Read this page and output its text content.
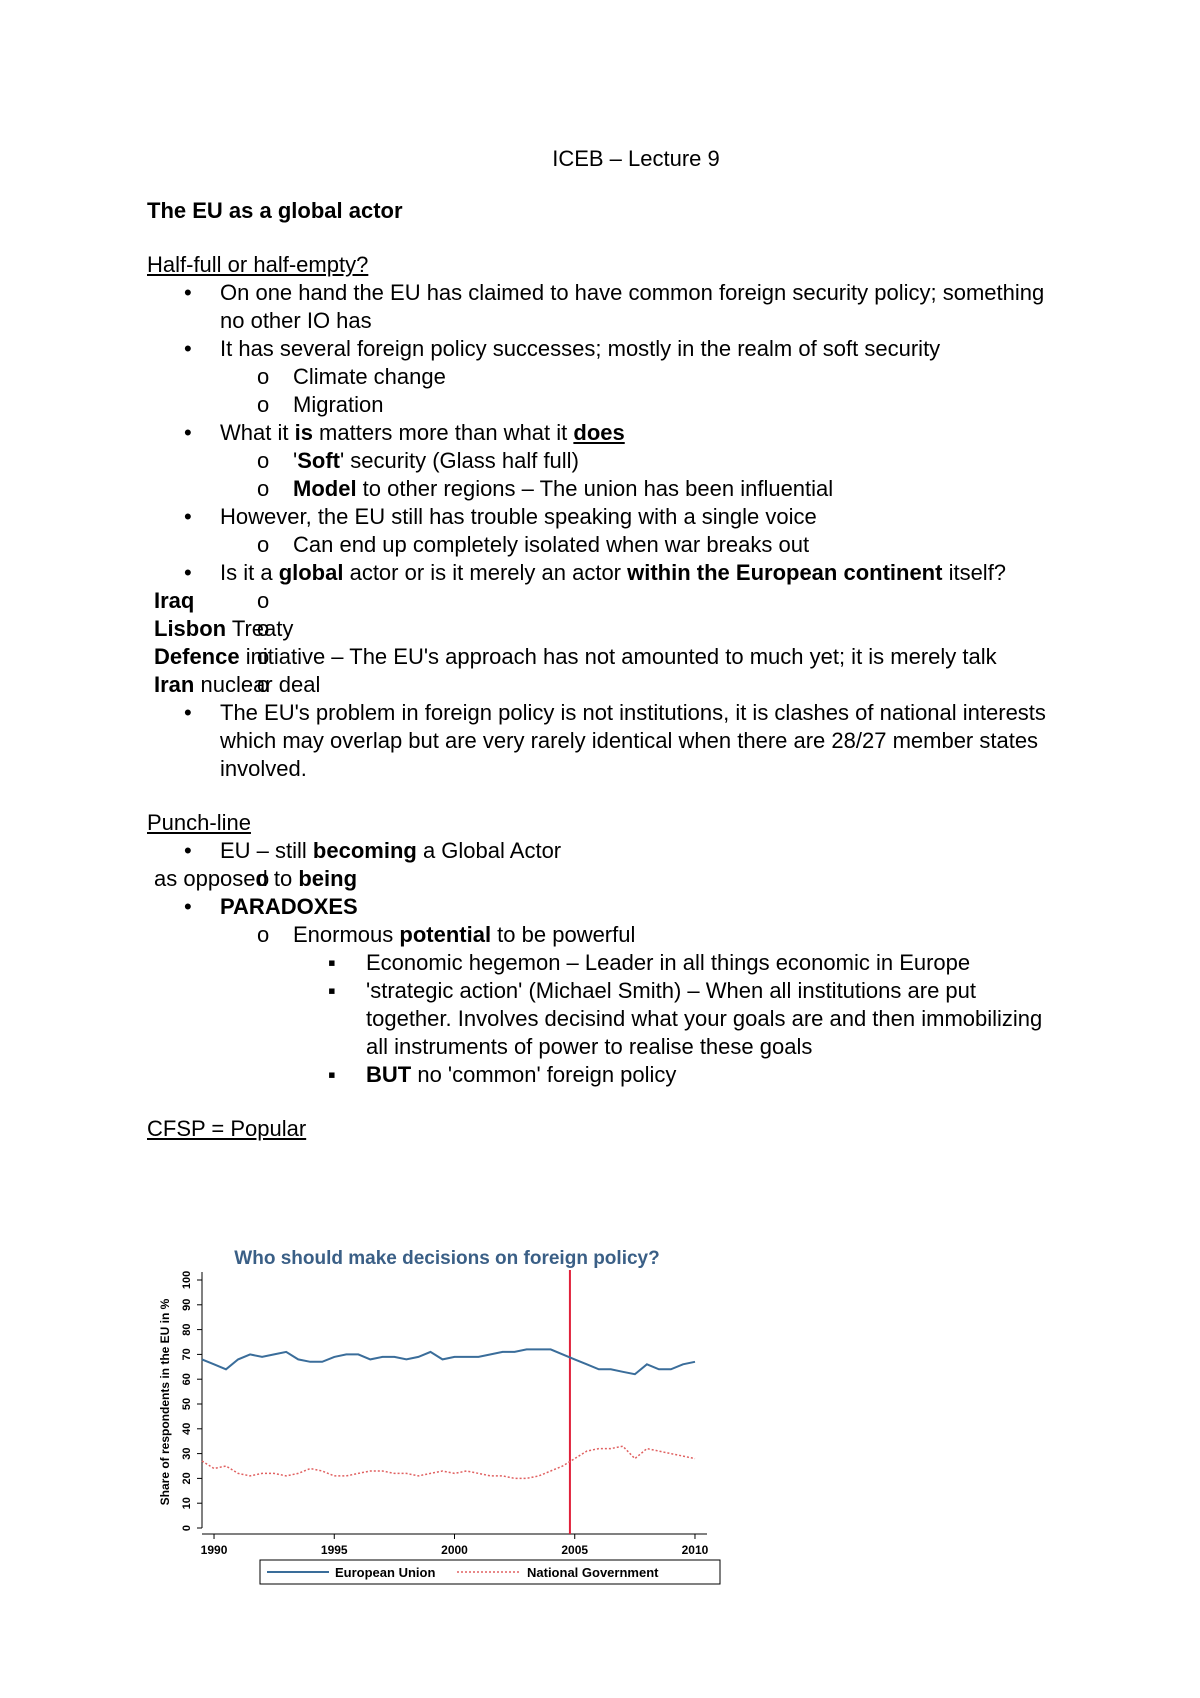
ICEB – Lecture 9

The EU as a global actor

Half-full or half-empty?

• On one hand the EU has claimed to have common foreign security policy; something no other IO has
• It has several foreign policy successes; mostly in the realm of soft security
o Climate change
o Migration
• What it is matters more than what it does
o 'Soft' security (Glass half full)
o Model to other regions – The union has been influential
• However, the EU still has trouble speaking with a single voice
o Can end up completely isolated when war breaks out
• Is it a global actor or is it merely an actor within the European continent itself?
o Iraq
o Lisbon Treaty
o Defence initiative – The EU's approach has not amounted to much yet; it is merely talk
o Iran nuclear deal
• The EU's problem in foreign policy is not institutions, it is clashes of national interests which may overlap but are very rarely identical when there are 28/27 member states involved.

Punch-line

• EU – still becoming a Global Actor
o as opposed to being
• PARADOXES
o Enormous potential to be powerful
▪ Economic hegemon – Leader in all things economic in Europe
▪ 'strategic action' (Michael Smith) – When all institutions are put together. Involves decisind what your goals are and then immobilizing all instruments of power to realise these goals
▪ BUT no 'common' foreign policy

CFSP = Popular

Who should make decisions on foreign policy?
Share of respondents in the EU in %
0
10
20
30
40
50
60
70
80
90
100
1990	1995	2000	2005	2010
European Union	National Government
